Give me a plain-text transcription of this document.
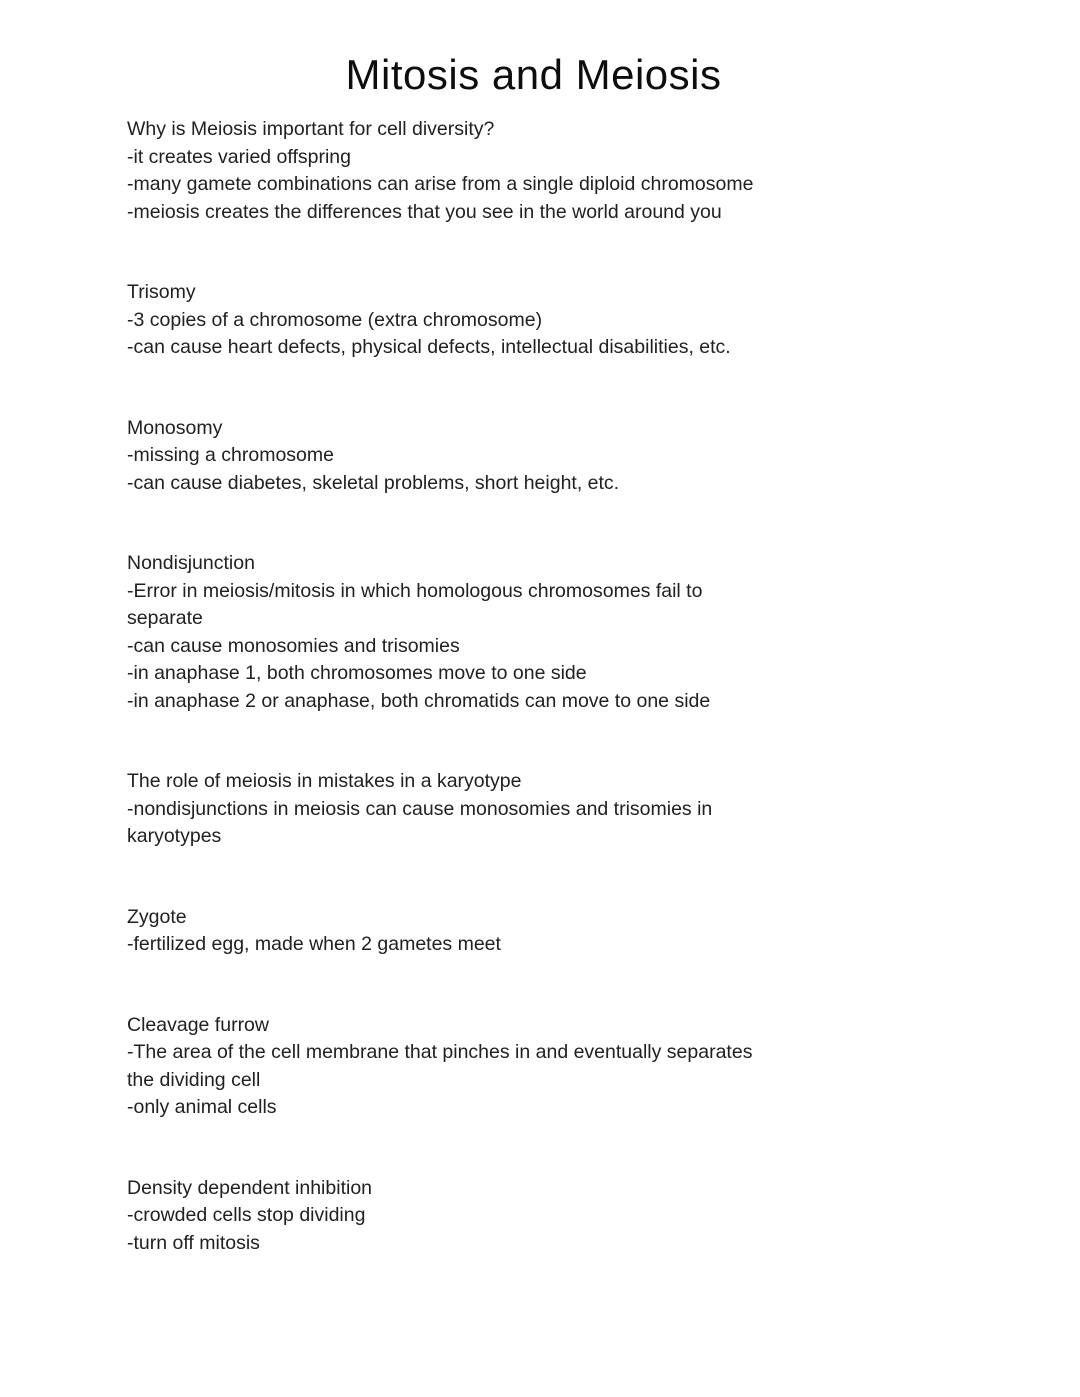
Mitosis and Meiosis

Why is Meiosis important for cell diversity?

-it creates varied offspring

-many gamete combinations can arise from a single diploid chromosome

-meiosis creates the differences that you see in the world around you

Trisomy

-3 copies of a chromosome (extra chromosome)

-can cause heart defects, physical defects, intellectual disabilities, etc.

Monosomy

-missing a chromosome

-can cause diabetes, skeletal problems, short height, etc.

Nondisjunction

-Error in meiosis/mitosis in which homologous chromosomes fail to

separate

-can cause monosomies and trisomies

-in anaphase 1, both chromosomes move to one side

-in anaphase 2 or anaphase, both chromatids can move to one side

The role of meiosis in mistakes in a karyotype

-nondisjunctions in meiosis can cause monosomies and trisomies in

karyotypes

Zygote

-fertilized egg, made when 2 gametes meet

Cleavage furrow

-The area of the cell membrane that pinches in and eventually separates

the dividing cell

-only animal cells

Density dependent inhibition

-crowded cells stop dividing

-turn off mitosis
